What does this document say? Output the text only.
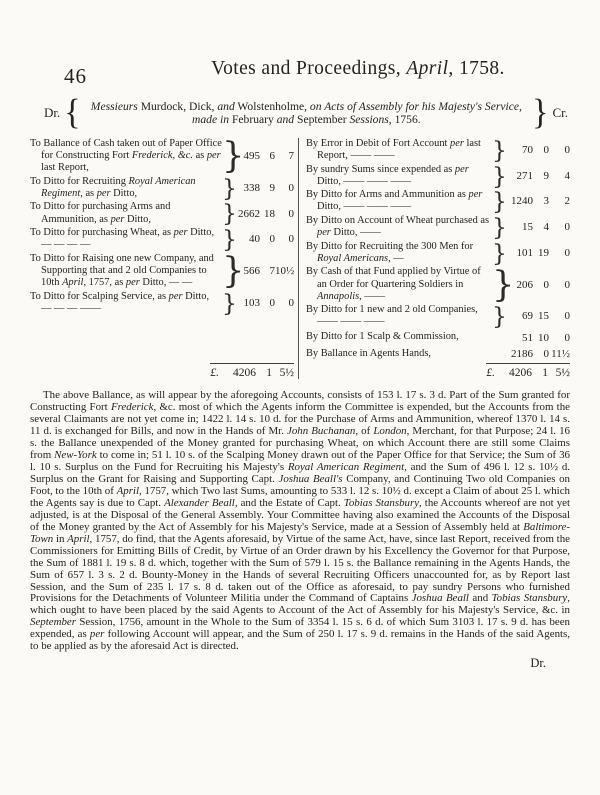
46	Votes and Proceedings, April, 1758.
Dr. { Messieurs Murdock, Dick, and Wolstenholme, on Acts of Assembly for his Majesty's Service,
made in February and September Sessions, 1756.	} Cr.
To Ballance of Cash taken out of Paper Office for Constructing Fort Frederick, &c. as per last Report,	} 495 6	7
To Ditto for Recruiting Royal American Regiment, as per Ditto,	} 338 9	0
To Ditto for purchasing Arms and Ammunition, as per Ditto,	} 2662 18	0
To Ditto for purchasing Wheat, as per Ditto, — — — —	}	40 0	0
To Ditto for Raising one new Company, and Supporting that and 2 old Companies to 10th April, 1757, as per Ditto, — — } 566 7 10½
To Ditto for Scalping Service, as per Ditto, — — — ——	} 103 0	0
£.	4206 1 5½
By Error in Debit of Fort Account per last Report, —— ——	}	70 0	0
By sundry Sums since expended as per Ditto, —— —— ——	} 271 9	4
By Ditto for Arms and Ammunition as per Ditto, —— —— ——	} 1240 3	2
By Ditto on Account of Wheat purchased as per Ditto, ——	}	15 4	0
By Ditto for Recruiting the 300 Men for Royal Americans, —	} 101 19	0
By Cash of that Fund applied by Virtue of an Order for Quartering Soldiers in Annapolis, ——	} 206 0	0
By Ditto for 1 new and 2 old Companies, —— —— ——	}	69 15	0
By Ditto for 1 Scalp & Commission,	51 10	0
By Ballance in Agents Hands,	2186 0 11½
£.	4206 1 5½
The above Ballance, as will appear by the aforegoing Accounts, consists of 153 l. 17 s. 3 d. Part of the Sum granted for Constructing Fort Frederick, &c. most of which the Agents inform the Committee is expended, but the Accounts from the several Claimants are not yet come in; 1422 l. 14 s. 10 d. for the Purchase of Arms and Ammunition, whereof 1370 l. 14 s. 11 d. is exchanged for Bills, and now in the Hands of Mr. John Buchanan, of London, Merchant, for that Purpose; 24 l. 16 s. the Ballance unexpended of the Money granted for purchasing Wheat, on which Account there are still some Claims from New-York to come in; 51 l. 10 s. of the Scalping Money drawn out of the Paper Office for that Service; the Sum of 36 l. 10 s. Surplus on the Fund for Recruiting his Majesty's Royal American Regiment, and the Sum of 496 l. 12 s. 10½ d. Surplus on the Grant for Raising and Supporting Capt. Joshua Beall's Company, and Continuing Two old Companies on Foot, to the 10th of April, 1757, which Two last Sums, amounting to 533 l. 12 s. 10½ d. except a Claim of about 25 l. which the Agents say is due to Capt. Alexander Beall, and the Estate of Capt. Tobias Stansbury, the Accounts whereof are not yet adjusted, is at the Disposal of the General Assembly. Your Committee having also examined the Accounts of the Disposal of the Money granted by the Act of Assembly for his Majesty's Service, made at a Session of Assembly held at Baltimore-Town in April, 1757, do find, that the Agents aforesaid, by Virtue of the same Act, have, since last Report, received from the Commissioners for Emitting Bills of Credit, by Virtue of an Order drawn by his Excellency the Governor for that Purpose, the Sum of 1881 l. 19 s. 8 d. which, together with the Sum of 579 l. 15 s. the Ballance remaining in the Agents Hands, the Sum of 657 l. 3 s. 2 d. Bounty-Money in the Hands of several Recruiting Officers unaccounted for, as by Report last Session, and the Sum of 235 l. 17 s. 8 d. taken out of the Office as aforesaid, to pay sundry Persons who furnished Provisions for the Detachments of Volunteer Militia under the Command of Captains Joshua Beall and Tobias Stansbury, which ought to have been placed by the said Agents to Account of the Act of Assembly for his Majesty's Service, &c. in September Session, 1756, amount in the Whole to the Sum of 3354 l. 15 s. 6 d. of which Sum 3103 l. 17 s. 9 d. has been expended, as per following Account will appear, and the Sum of 250 l. 17 s. 9 d. remains in the Hands of the said Agents, to be applied as by the aforesaid Act is directed.
Dr.
